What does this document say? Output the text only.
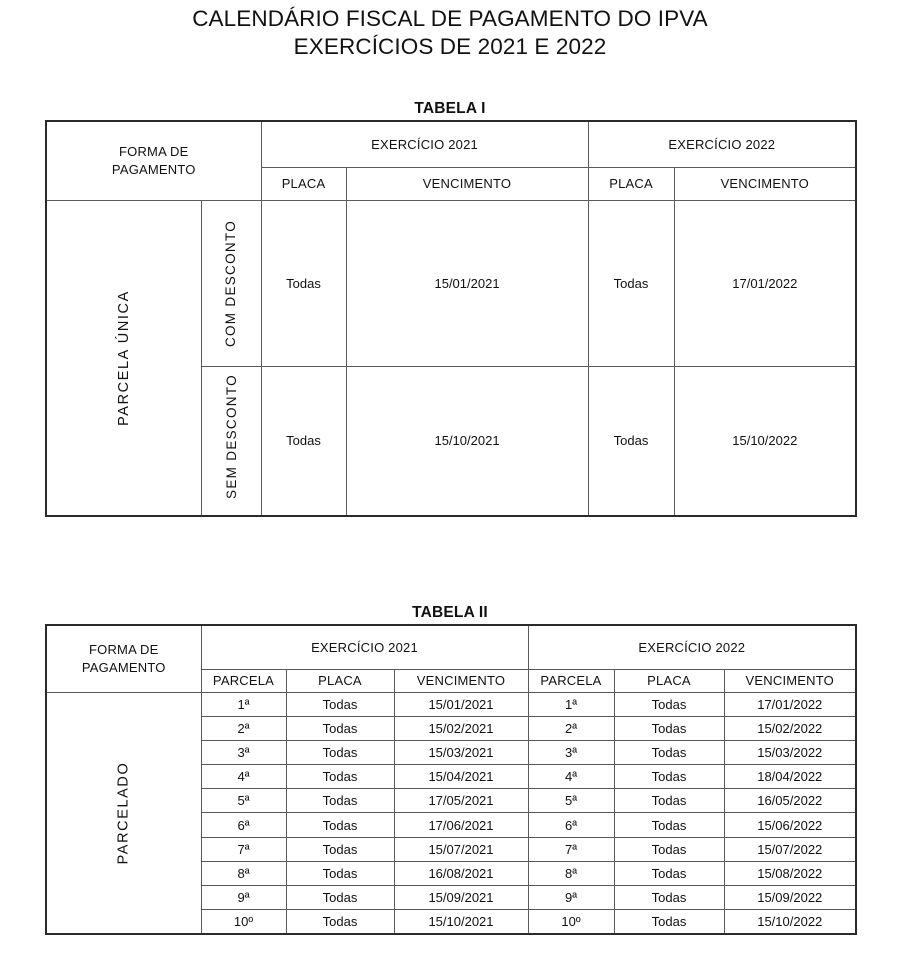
CALENDÁRIO FISCAL DE PAGAMENTO DO IPVA
EXERCÍCIOS DE 2021 E 2022
TABELA I
FORMA DE
PAGAMENTO		EXERCÍCIO 2021		EXERCÍCIO 2022	
		PLACA	VENCIMENTO	PLACA	VENCIMENTO

PARCELA ÚNICA	COM DESCONTO	Todas	15/01/2021	Todas	17/01/2022

	SEM DESCONTO	Todas	15/10/2021	Todas	15/10/2022
TABELA II
FORMA DE
PAGAMENTO	EXERCÍCIO 2021			EXERCÍCIO 2022		
	PARCELA	PLACA	VENCIMENTO	PARCELA	PLACA	VENCIMENTO

PARCELADO	1ª	Todas	15/01/2021	1ª	Todas	17/01/2022
	2ª	Todas	15/02/2021	2ª	Todas	15/02/2022
	3ª	Todas	15/03/2021	3ª	Todas	15/03/2022
	4ª	Todas	15/04/2021	4ª	Todas	18/04/2022
	5ª	Todas	17/05/2021	5ª	Todas	16/05/2022
	6ª	Todas	17/06/2021	6ª	Todas	15/06/2022
	7ª	Todas	15/07/2021	7ª	Todas	15/07/2022
	8ª	Todas	16/08/2021	8ª	Todas	15/08/2022
	9ª	Todas	15/09/2021	9ª	Todas	15/09/2022
	10º	Todas	15/10/2021	10º	Todas	15/10/2022
